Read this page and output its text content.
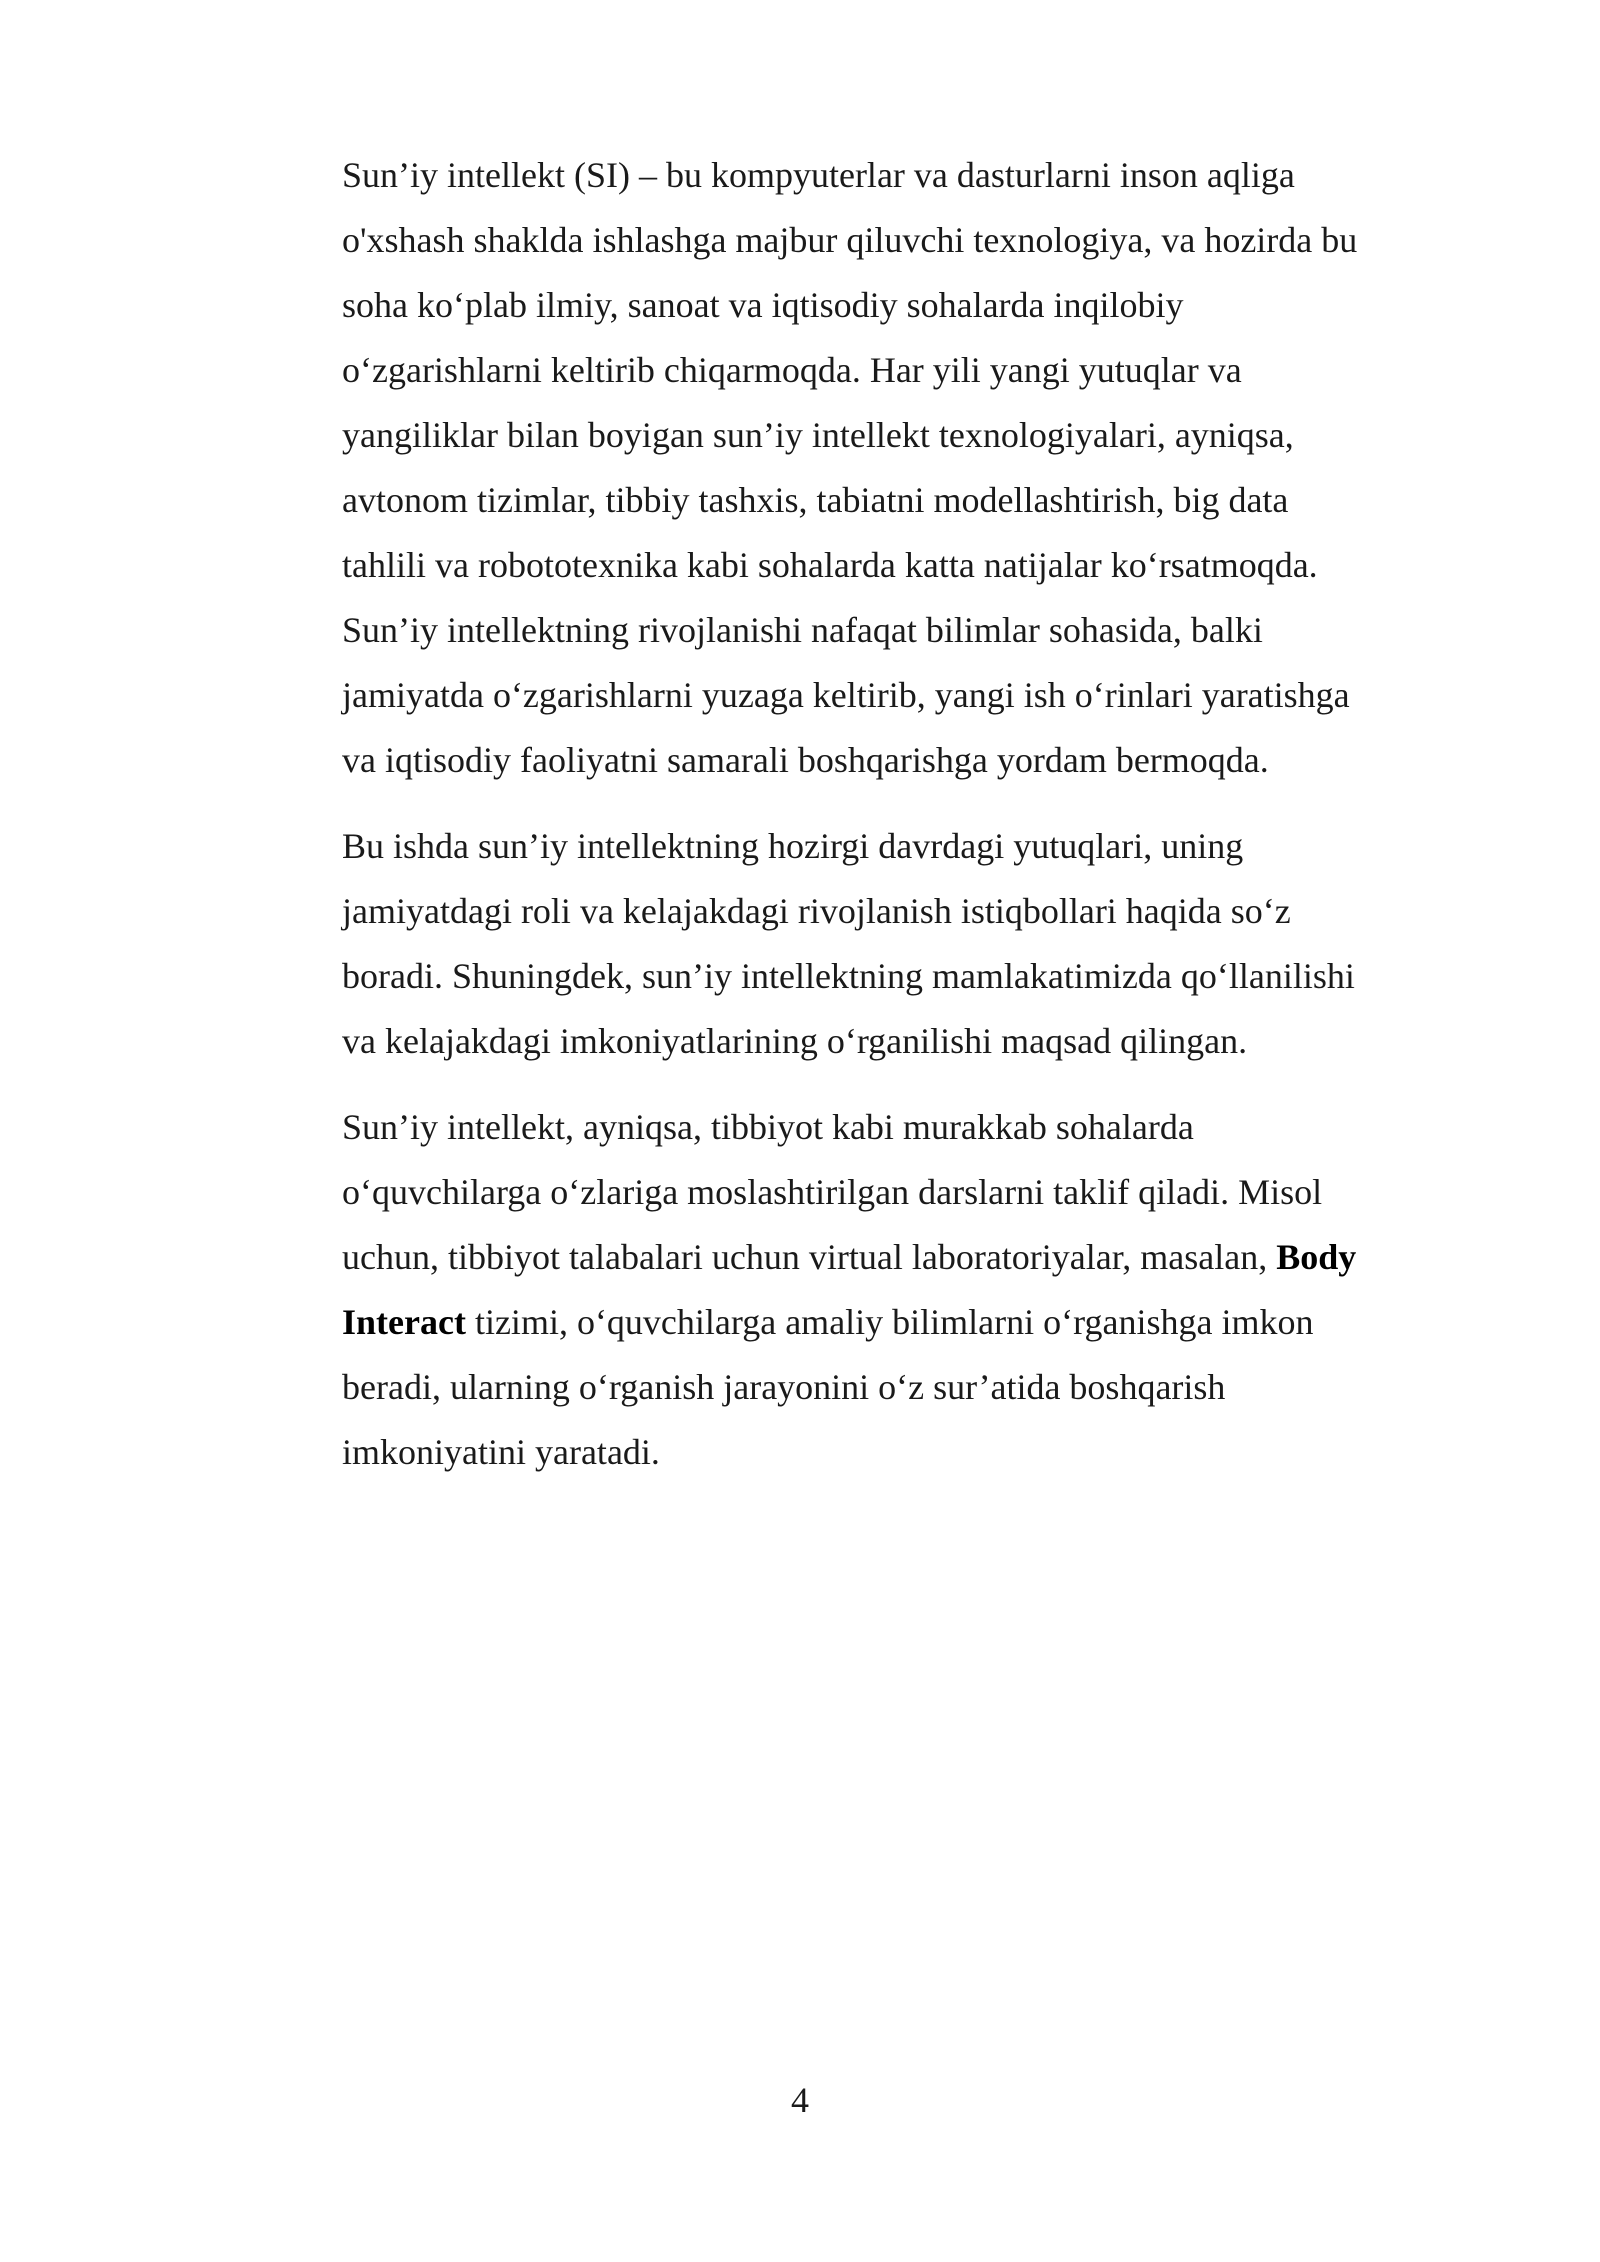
Sun’iy intellekt (SI) – bu kompyuterlar va dasturlarni inson aqliga o'xshash shaklda ishlashga majbur qiluvchi texnologiya, va hozirda bu soha ko‘plab ilmiy, sanoat va iqtisodiy sohalarda inqilobiy o‘zgarishlarni keltirib chiqarmoqda. Har yili yangi yutuqlar va yangiliklar bilan boyigan sun’iy intellekt texnologiyalari, ayniqsa, avtonom tizimlar, tibbiy tashxis, tabiatni modellashtirish, big data tahlili va robototexnika kabi sohalarda katta natijalar ko‘rsatmoqda. Sun’iy intellektning rivojlanishi nafaqat bilimlar sohasida, balki jamiyatda o‘zgarishlarni yuzaga keltirib, yangi ish o‘rinlari yaratishga va iqtisodiy faoliyatni samarali boshqarishga yordam bermoqda.

Bu ishda sun’iy intellektning hozirgi davrdagi yutuqlari, uning jamiyatdagi roli va kelajakdagi rivojlanish istiqbollari haqida so‘z boradi. Shuningdek, sun’iy intellektning mamlakatimizda qo‘llanilishi va kelajakdagi imkoniyatlarining o‘rganilishi maqsad qilingan.

Sun’iy intellekt, ayniqsa, tibbiyot kabi murakkab sohalarda o‘quvchilarga o‘zlariga moslashtirilgan darslarni taklif qiladi. Misol uchun, tibbiyot talabalari uchun virtual laboratoriyalar, masalan, Body Interact tizimi, o‘quvchilarga amaliy bilimlarni o‘rganishga imkon beradi, ularning o‘rganish jarayonini o‘z sur’atida boshqarish imkoniyatini yaratadi.

4
